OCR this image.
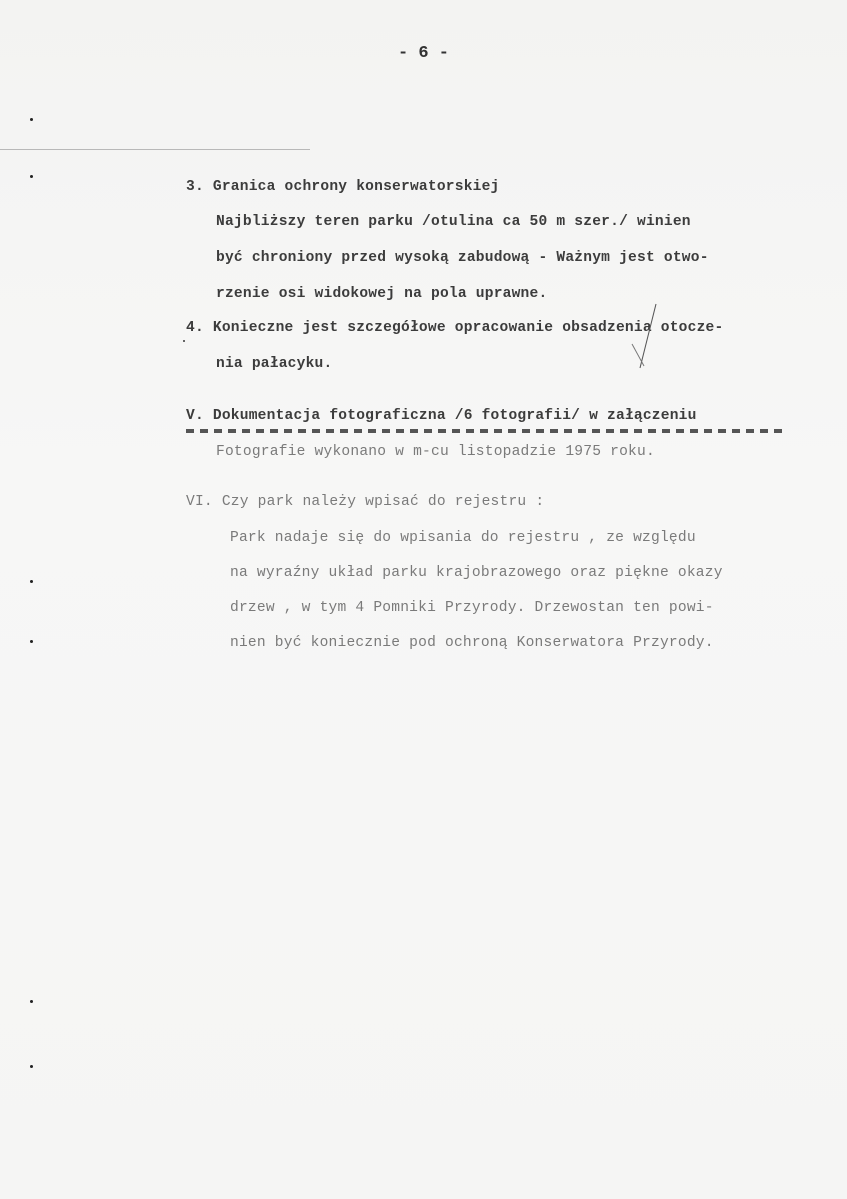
- 6 -
3. Granica ochrony konserwatorskiej
Najbliższy teren parku /otulina ca 50 m szer./ winien
być chroniony przed wysoką zabudową - Ważnym jest otwo-
rzenie osi widokowej na pola uprawne.
4. Konieczne jest szczegółowe opracowanie obsadzenia otocze-
nia pałacyku.
V. Dokumentacja fotograficzna /6 fotografii/ w załączeniu
Fotografie wykonano w m-cu listopadzie 1975 roku.
VI. Czy park należy wpisać do rejestru :
Park nadaje się do wpisania do rejestru , ze względu
na wyraźny układ parku krajobrazowego oraz piękne okazy
drzew , w tym 4 Pomniki Przyrody. Drzewostan ten powi-
nien być koniecznie pod ochroną Konserwatora Przyrody.
